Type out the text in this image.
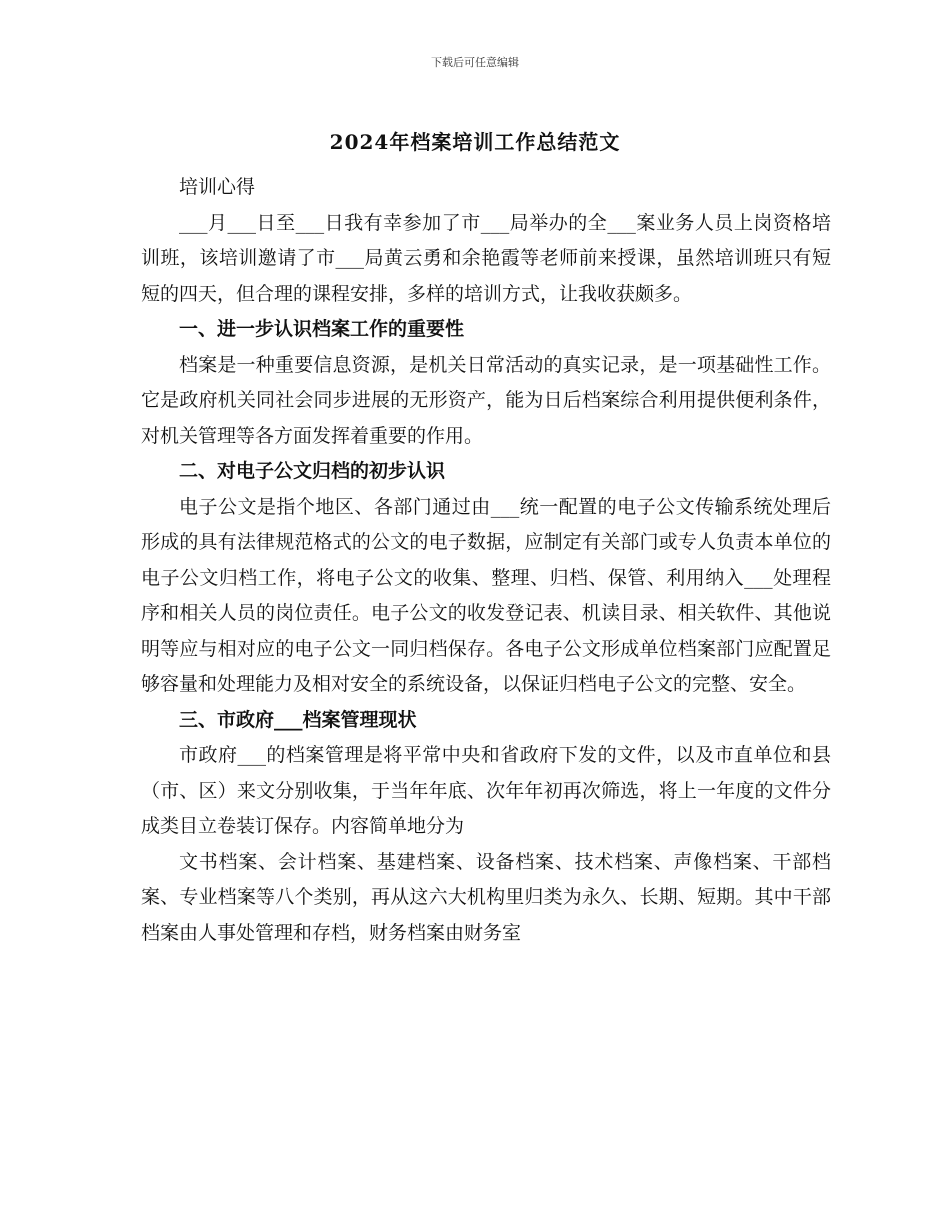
下载后可任意编辑
2024年档案培训工作总结范文

培训心得

___月___日至___日我有幸参加了市___局举办的全___案业务人员上岗资格培训班，该培训邀请了市___局黄云勇和余艳霞等老师前来授课，虽然培训班只有短短的四天，但合理的课程安排，多样的培训方式，让我收获颇多。

一、进一步认识档案工作的重要性

档案是一种重要信息资源，是机关日常活动的真实记录，是一项基础性工作。它是政府机关同社会同步进展的无形资产，能为日后档案综合利用提供便利条件，对机关管理等各方面发挥着重要的作用。

二、对电子公文归档的初步认识

电子公文是指个地区、各部门通过由___统一配置的电子公文传输系统处理后形成的具有法律规范格式的公文的电子数据，应制定有关部门或专人负责本单位的电子公文归档工作，将电子公文的收集、整理、归档、保管、利用纳入___处理程序和相关人员的岗位责任。电子公文的收发登记表、机读目录、相关软件、其他说明等应与相对应的电子公文一同归档保存。各电子公文形成单位档案部门应配置足够容量和处理能力及相对安全的系统设备，以保证归档电子公文的完整、安全。

三、市政府___档案管理现状

市政府___的档案管理是将平常中央和省政府下发的文件，以及市直单位和县（市、区）来文分别收集，于当年年底、次年年初再次筛选，将上一年度的文件分成类目立卷装订保存。内容简单地分为

文书档案、会计档案、基建档案、设备档案、技术档案、声像档案、干部档案、专业档案等八个类别，再从这六大机构里归类为永久、长期、短期。其中干部档案由人事处管理和存档，财务档案由财务室
